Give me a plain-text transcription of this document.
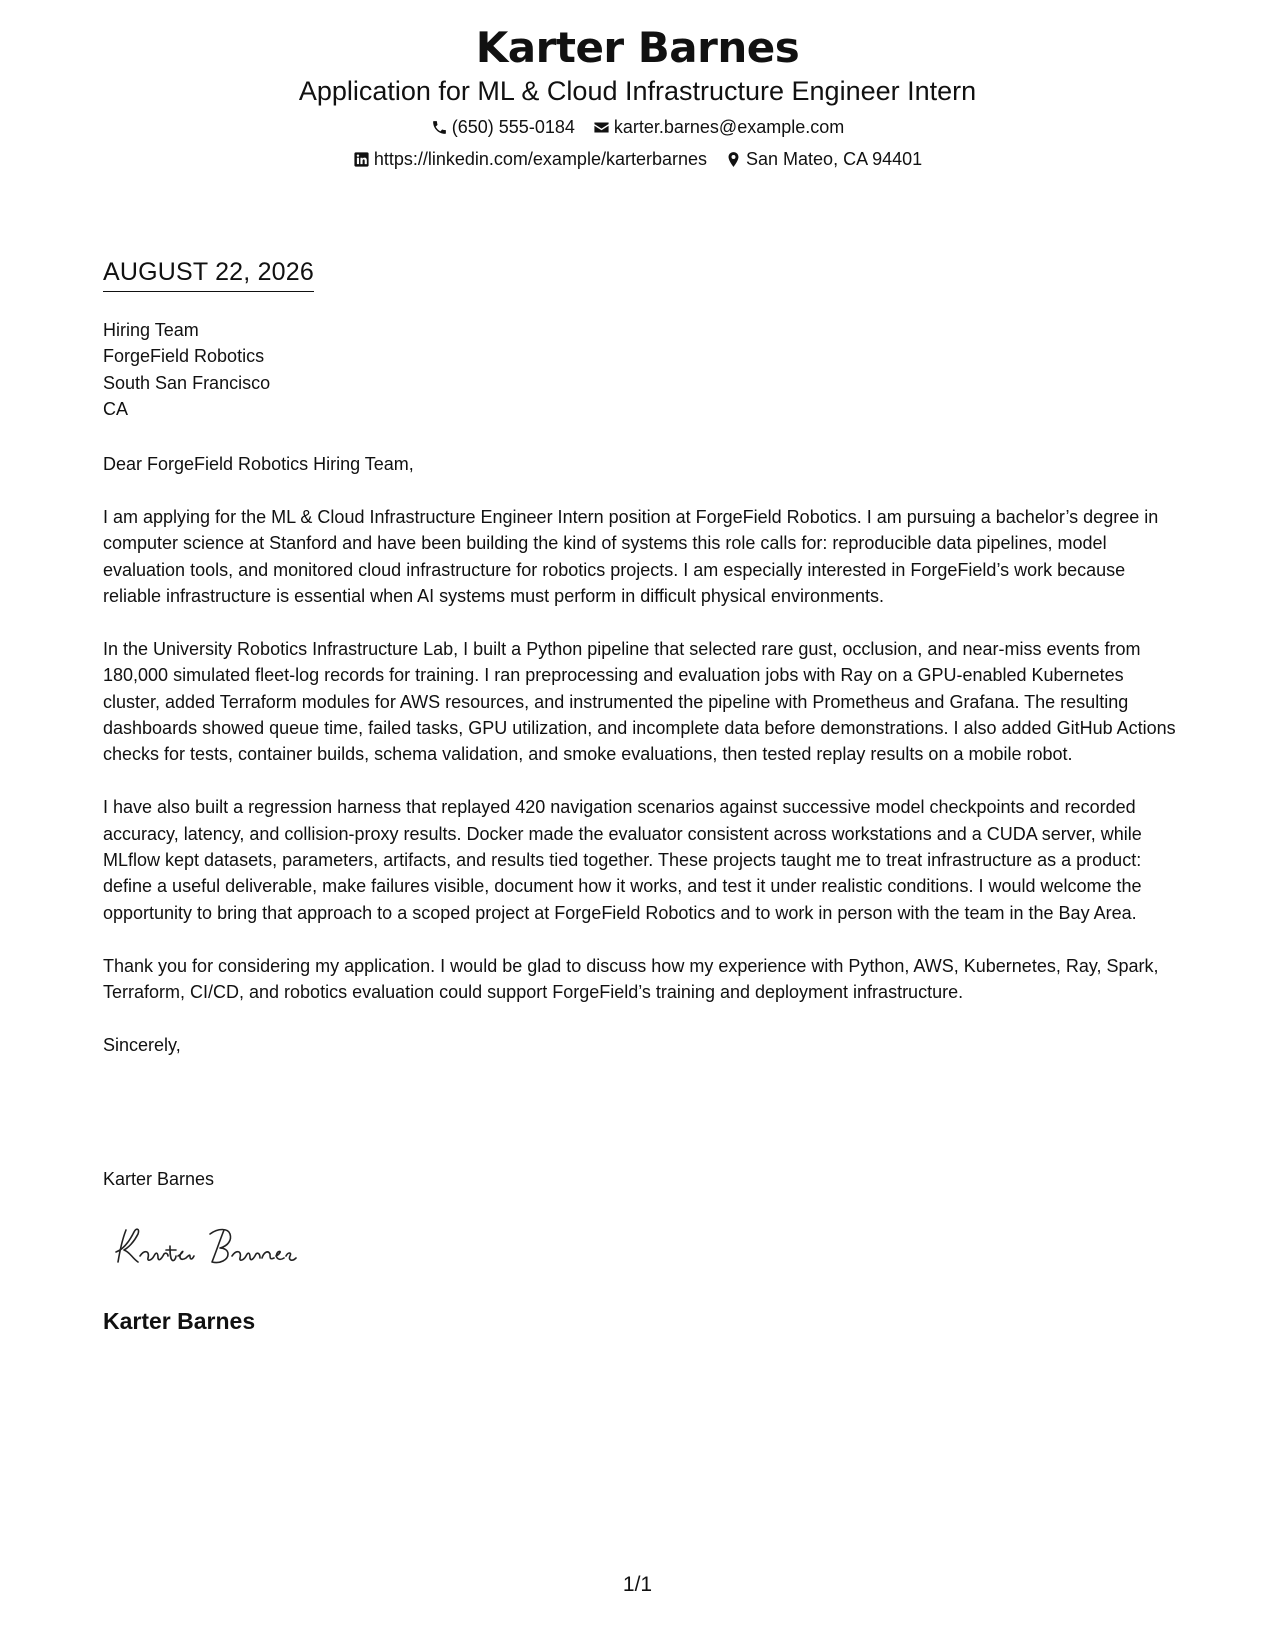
Karter Barnes
Application for ML & Cloud Infrastructure Engineer Intern
(650) 555-0184 karter.barnes@example.com
https://linkedin.com/example/karterbarnes San Mateo, CA 94401
AUGUST 22, 2026
Hiring Team
ForgeField Robotics
South San Francisco
CA

Dear ForgeField Robotics Hiring Team,

I am applying for the ML & Cloud Infrastructure Engineer Intern position at ForgeField Robotics. I am pursuing a bachelor’s degree in computer science at Stanford and have been building the kind of systems this role calls for: reproducible data pipelines, model evaluation tools, and monitored cloud infrastructure for robotics projects. I am especially interested in ForgeField’s work because reliable infrastructure is essential when AI systems must perform in difficult physical environments.

In the University Robotics Infrastructure Lab, I built a Python pipeline that selected rare gust, occlusion, and near-miss events from 180,000 simulated fleet-log records for training. I ran preprocessing and evaluation jobs with Ray on a GPU-enabled Kubernetes cluster, added Terraform modules for AWS resources, and instrumented the pipeline with Prometheus and Grafana. The resulting dashboards showed queue time, failed tasks, GPU utilization, and incomplete data before demonstrations. I also added GitHub Actions checks for tests, container builds, schema validation, and smoke evaluations, then tested replay results on a mobile robot.

I have also built a regression harness that replayed 420 navigation scenarios against successive model checkpoints and recorded accuracy, latency, and collision-proxy results. Docker made the evaluator consistent across workstations and a CUDA server, while MLflow kept datasets, parameters, artifacts, and results tied together. These projects taught me to treat infrastructure as a product: define a useful deliverable, make failures visible, document how it works, and test it under realistic conditions. I would welcome the opportunity to bring that approach to a scoped project at ForgeField Robotics and to work in person with the team in the Bay Area.

Thank you for considering my application. I would be glad to discuss how my experience with Python, AWS, Kubernetes, Ray, Spark, Terraform, CI/CD, and robotics evaluation could support ForgeField’s training and deployment infrastructure.

Sincerely,

Karter Barnes
Karter Barnes
1/1
